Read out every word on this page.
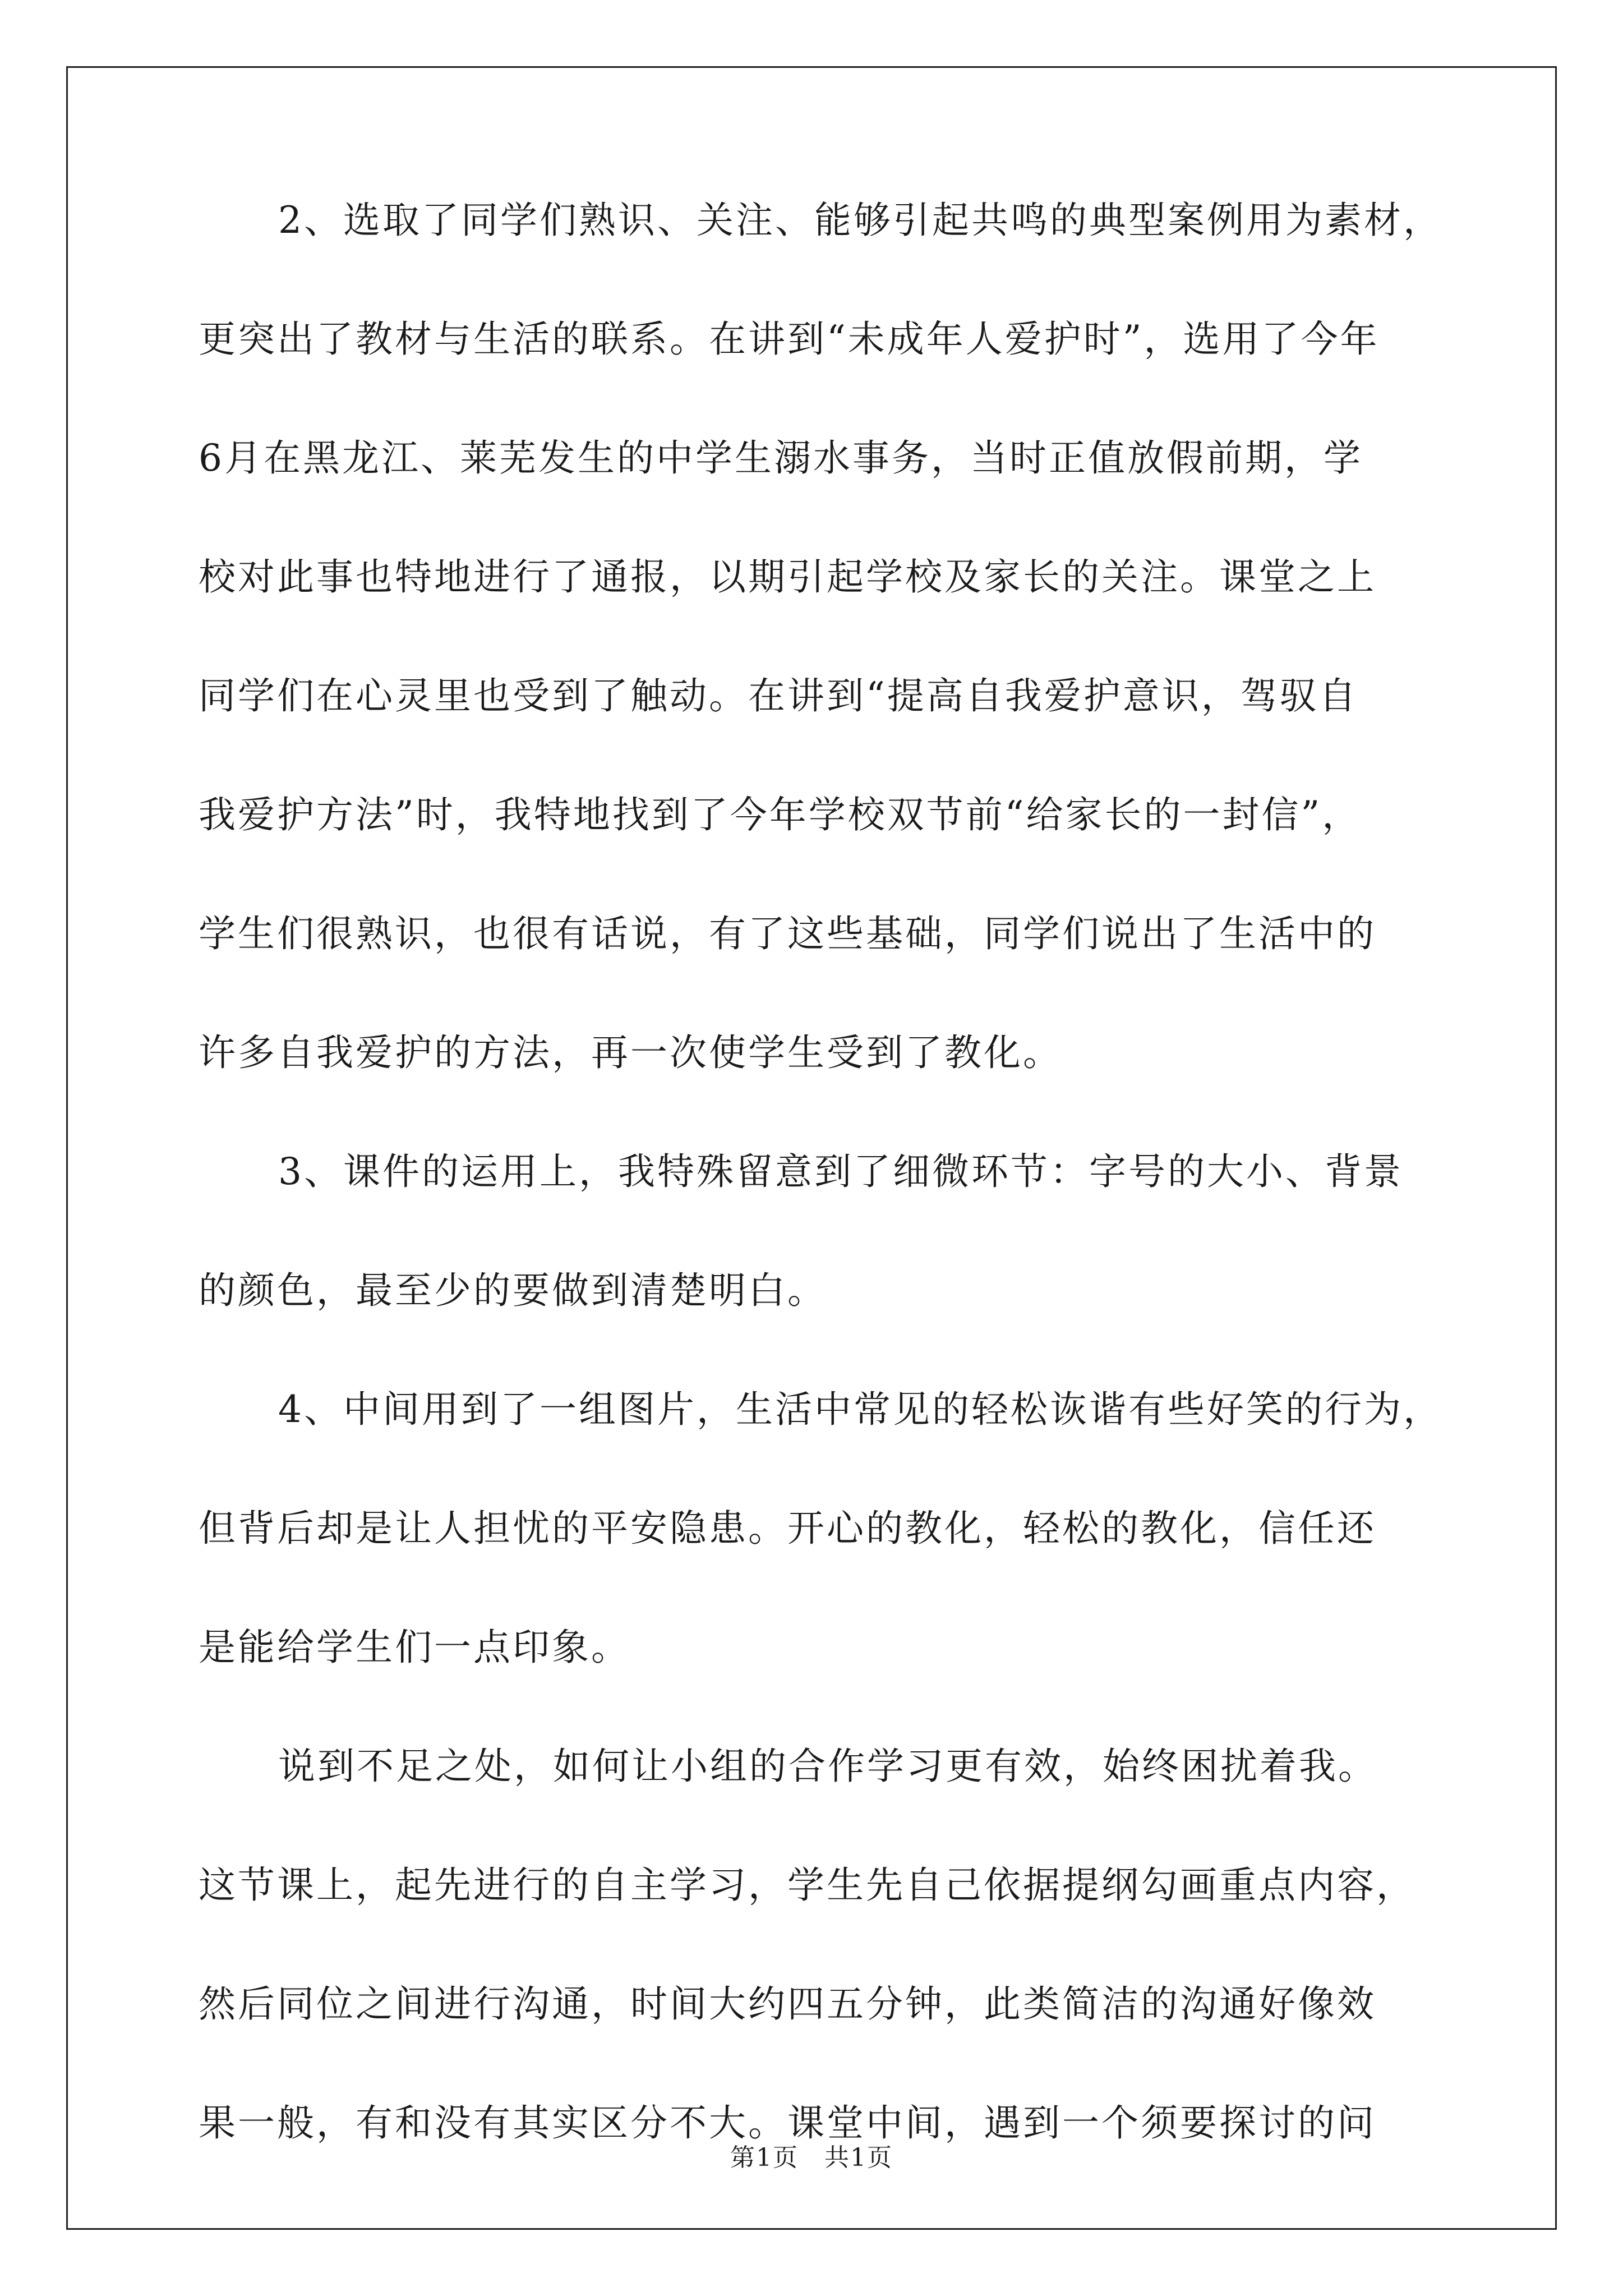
2、选取了同学们熟识、关注、能够引起共鸣的典型案例用为素材，
更突出了教材与生活的联系。在讲到“未成年人爱护时”，选用了今年
6月在黑龙江、莱芜发生的中学生溺水事务，当时正值放假前期，学
校对此事也特地进行了通报，以期引起学校及家长的关注。课堂之上
同学们在心灵里也受到了触动。在讲到“提高自我爱护意识，驾驭自
我爱护方法”时，我特地找到了今年学校双节前“给家长的一封信”，
学生们很熟识，也很有话说，有了这些基础，同学们说出了生活中的
许多自我爱护的方法，再一次使学生受到了教化。
3、课件的运用上，我特殊留意到了细微环节：字号的大小、背景
的颜色，最至少的要做到清楚明白。
4、中间用到了一组图片，生活中常见的轻松诙谐有些好笑的行为，
但背后却是让人担忧的平安隐患。开心的教化，轻松的教化，信任还
是能给学生们一点印象。
说到不足之处，如何让小组的合作学习更有效，始终困扰着我。
这节课上，起先进行的自主学习，学生先自己依据提纲勾画重点内容，
然后同位之间进行沟通，时间大约四五分钟，此类简洁的沟通好像效
果一般，有和没有其实区分不大。课堂中间，遇到一个须要探讨的问
第1页　共1页
